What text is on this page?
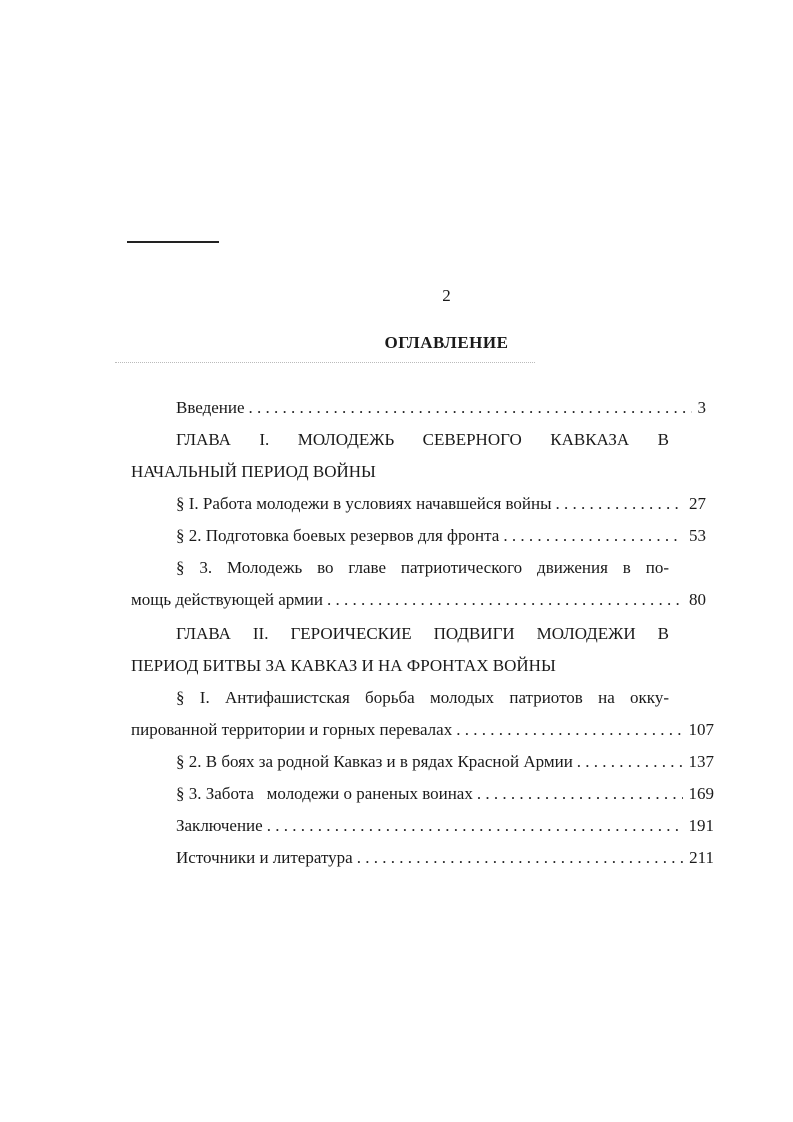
2
ОГЛАВЛЕНИЕ
Введение . . .	3
ГЛАВА I. МОЛОДЕЖЬ СЕВЕРНОГО КАВКАЗА В
НАЧАЛЬНЫЙ ПЕРИОД ВОЙНЫ
§ I. Работа молодежи в условиях начавшейся войны . . .	27
§ 2. Подготовка боевых резервов для фронта . . .	53
§ 3. Молодежь во главе патриотического движения в по-
мощь действующей армии . . .	80
ГЛАВА II. ГЕРОИЧЕСКИЕ ПОДВИГИ МОЛОДЕЖИ В
ПЕРИОД БИТВЫ ЗА КАВКАЗ И НА ФРОНТАХ ВОЙНЫ
§ I. Антифашистская борьба молодых патриотов на окку-
пированной территории и горных перевалах . . .	107
§ 2. В боях за родной Кавказ и в рядах Красной Армии . . .	137
§ 3. Забота   молодежи о раненых воинах . . .	169
Заключение . . .	191
Источники и литература . . .	211
